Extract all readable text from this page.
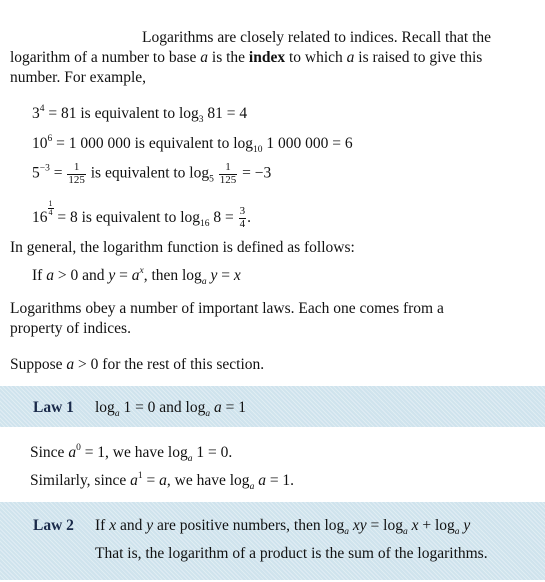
Logarithms are closely related to indices. Recall that the
logarithm of a number to base a is the index to which a is raised to give this
number. For example,
$3^4 = 81$ is equivalent to $\log_3 81 = 4$
$10^6 = 1$ 000 000 is equivalent to $\log_{10} 1$ 000 000 = 6
$5^{-3} = \frac{1}{125}$ is equivalent to $\log_5 \frac{1}{125} = -3$
16
$\frac{1}{4}$
= 8 is equivalent to $\log_{16} 8 = \frac{3}{4}$ .
In general, the logarithm function is defined as follows:
If a > 0 and $y = a^x$, then $\log_a y = x$
Logarithms obey a number of important laws. Each one comes from a
property of indices.
Suppose a > 0 for the rest of this section.
Law 1 $\log_a 1 = 0$ and $\log_a a = 1$
Since $a^0 = 1$, we have $\log_a 1 = 0$.
Similarly, since $a^1 = a$, we have $\log_a a = 1$.
Law 2 If x and y are positive numbers, then $\log_a$ xy = $\log_a x + \log_a y$
That is, the logarithm of a product is the sum of the logarithms.
